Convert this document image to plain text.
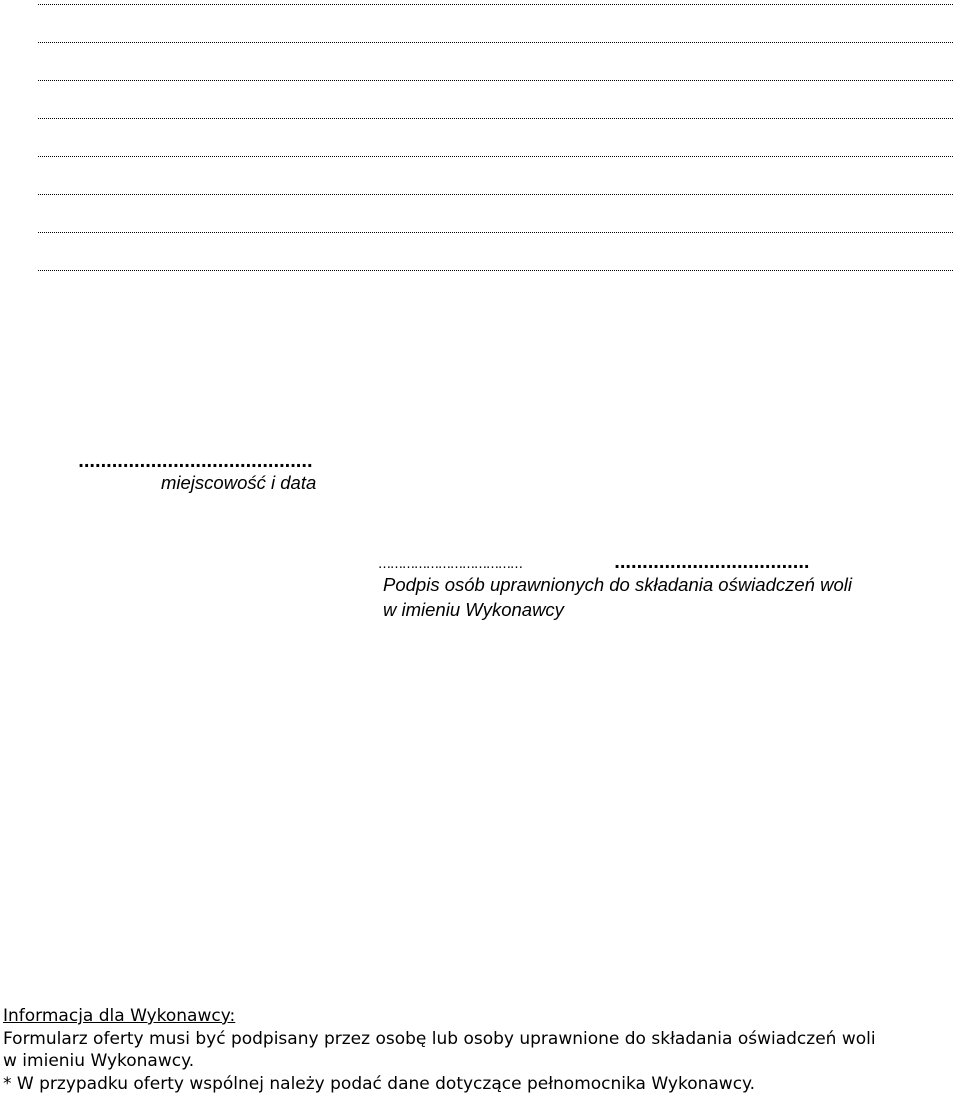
..........................................
miejscowość i data
………………………………	...................................
Podpis osób uprawnionych do składania oświadczeń woli
w imieniu Wykonawcy
Informacja dla Wykonawcy:
Formularz oferty musi być podpisany przez osobę lub osoby uprawnione do składania oświadczeń woli
w imieniu Wykonawcy.
* W przypadku oferty wspólnej należy podać dane dotyczące pełnomocnika Wykonawcy.
